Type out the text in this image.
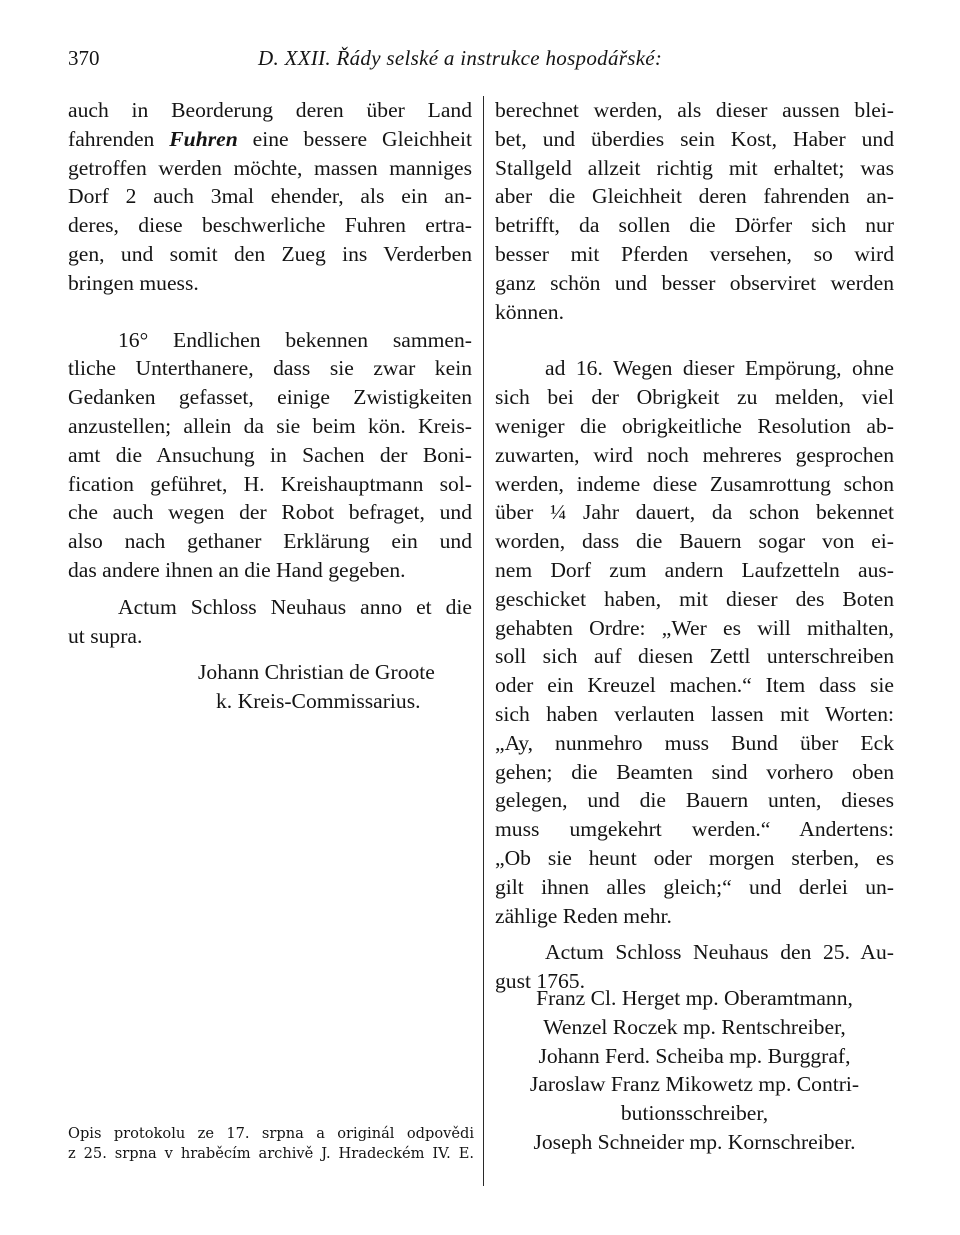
370	D. XXII. Řády selské a instrukce hospodářské:

auch in Beorderung deren über Land

fahrenden Fuhren eine bessere Gleichheit

getroffen werden möchte, massen manniges

Dorf 2 auch 3mal ehender, als ein an-

deres, diese beschwerliche Fuhren ertra-

gen, und somit den Zueg ins Verderben

bringen muess.

16° Endlichen bekennen sammen-

tliche Unterthanere, dass sie zwar kein

Gedanken gefasset, einige Zwistigkeiten

anzustellen; allein da sie beim kön. Kreis-

amt die Ansuchung in Sachen der Boni-

fication geführet, H. Kreishauptmann sol-

che auch wegen der Robot befraget, und

also nach gethaner Erklärung ein und

das andere ihnen an die Hand gegeben.

Actum Schloss Neuhaus anno et die

ut supra.

Johann Christian de Groote

k. Kreis-Commissarius.

Opis protokolu ze 17. srpna a originál odpovědi
z 25. srpna v hraběcím archivě J. Hradeckém IV. E.

berechnet werden, als dieser aussen blei-

bet, und überdies sein Kost, Haber und

Stallgeld allzeit richtig mit erhaltet; was

aber die Gleichheit deren fahrenden an-

betrifft, da sollen die Dörfer sich nur

besser mit Pferden versehen, so wird

ganz schön und besser observiret werden

können.

ad 16. Wegen dieser Empörung, ohne

sich bei der Obrigkeit zu melden, viel

weniger die obrigkeitliche Resolution ab-

zuwarten, wird noch mehreres gesprochen

werden, indeme diese Zusamrottung schon

über ¼ Jahr dauert, da schon bekennet

worden, dass die Bauern sogar von ei-

nem Dorf zum andern Laufzetteln aus-

geschicket haben, mit dieser des Boten

gehabten Ordre: „Wer es will mithalten,

soll sich auf diesen Zettl unterschreiben

oder ein Kreuzel machen.“ Item dass sie

sich haben verlauten lassen mit Worten:

„Ay, nunmehro muss Bund über Eck

gehen; die Beamten sind vorhero oben

gelegen, und die Bauern unten, dieses

muss umgekehrt werden.“ Andertens:

„Ob sie heunt oder morgen sterben, es

gilt ihnen alles gleich;“ und derlei un-

zählige Reden mehr.

Actum Schloss Neuhaus den 25. Au-

gust 1765.

Franz Cl. Herget mp. Oberamtmann,
Wenzel Roczek mp. Rentschreiber,
Johann Ferd. Scheiba mp. Burggraf,
Jaroslaw Franz Mikowetz mp. Contri-
butionsschreiber,
Joseph Schneider mp. Kornschreiber.
